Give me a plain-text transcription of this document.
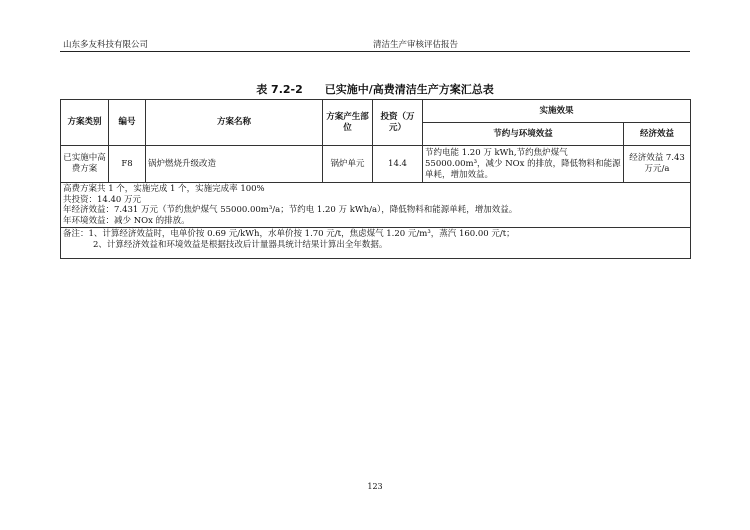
山东多友科技有限公司	清洁生产审核评估报告
表 7.2-2　　已实施中/高费清洁生产方案汇总表
方案类别	编号	方案名称	方案产生部位	投资（万元）	实施效果	
					节约与环境效益	经济效益
已实施中高费方案	F8	锅炉燃烧升级改造	锅炉单元	14.4	节约电能 1.20 万 kWh,节约焦炉煤气 55000.00m³，减少 NOx 的排放，降低物料和能源单耗，增加效益。	经济效益 7.43 万元/a

高费方案共 1 个，实施完成 1 个，实施完成率 100%
共投资：14.40 万元
年经济效益：7.431 万元（节约焦炉煤气 55000.00m³/a；节约电 1.20 万 kWh/a），降低物料和能源单耗，增加效益。
年环境效益：减少 NOx 的排放。						

备注：1、计算经济效益时，电单价按 0.69 元/kWh，水单价按 1.70 元/t，焦虑煤气 1.20 元/m³，蒸汽 160.00 元/t；
2、计算经济效益和环境效益是根据技改后计量器具统计结果计算出全年数据。						
123
